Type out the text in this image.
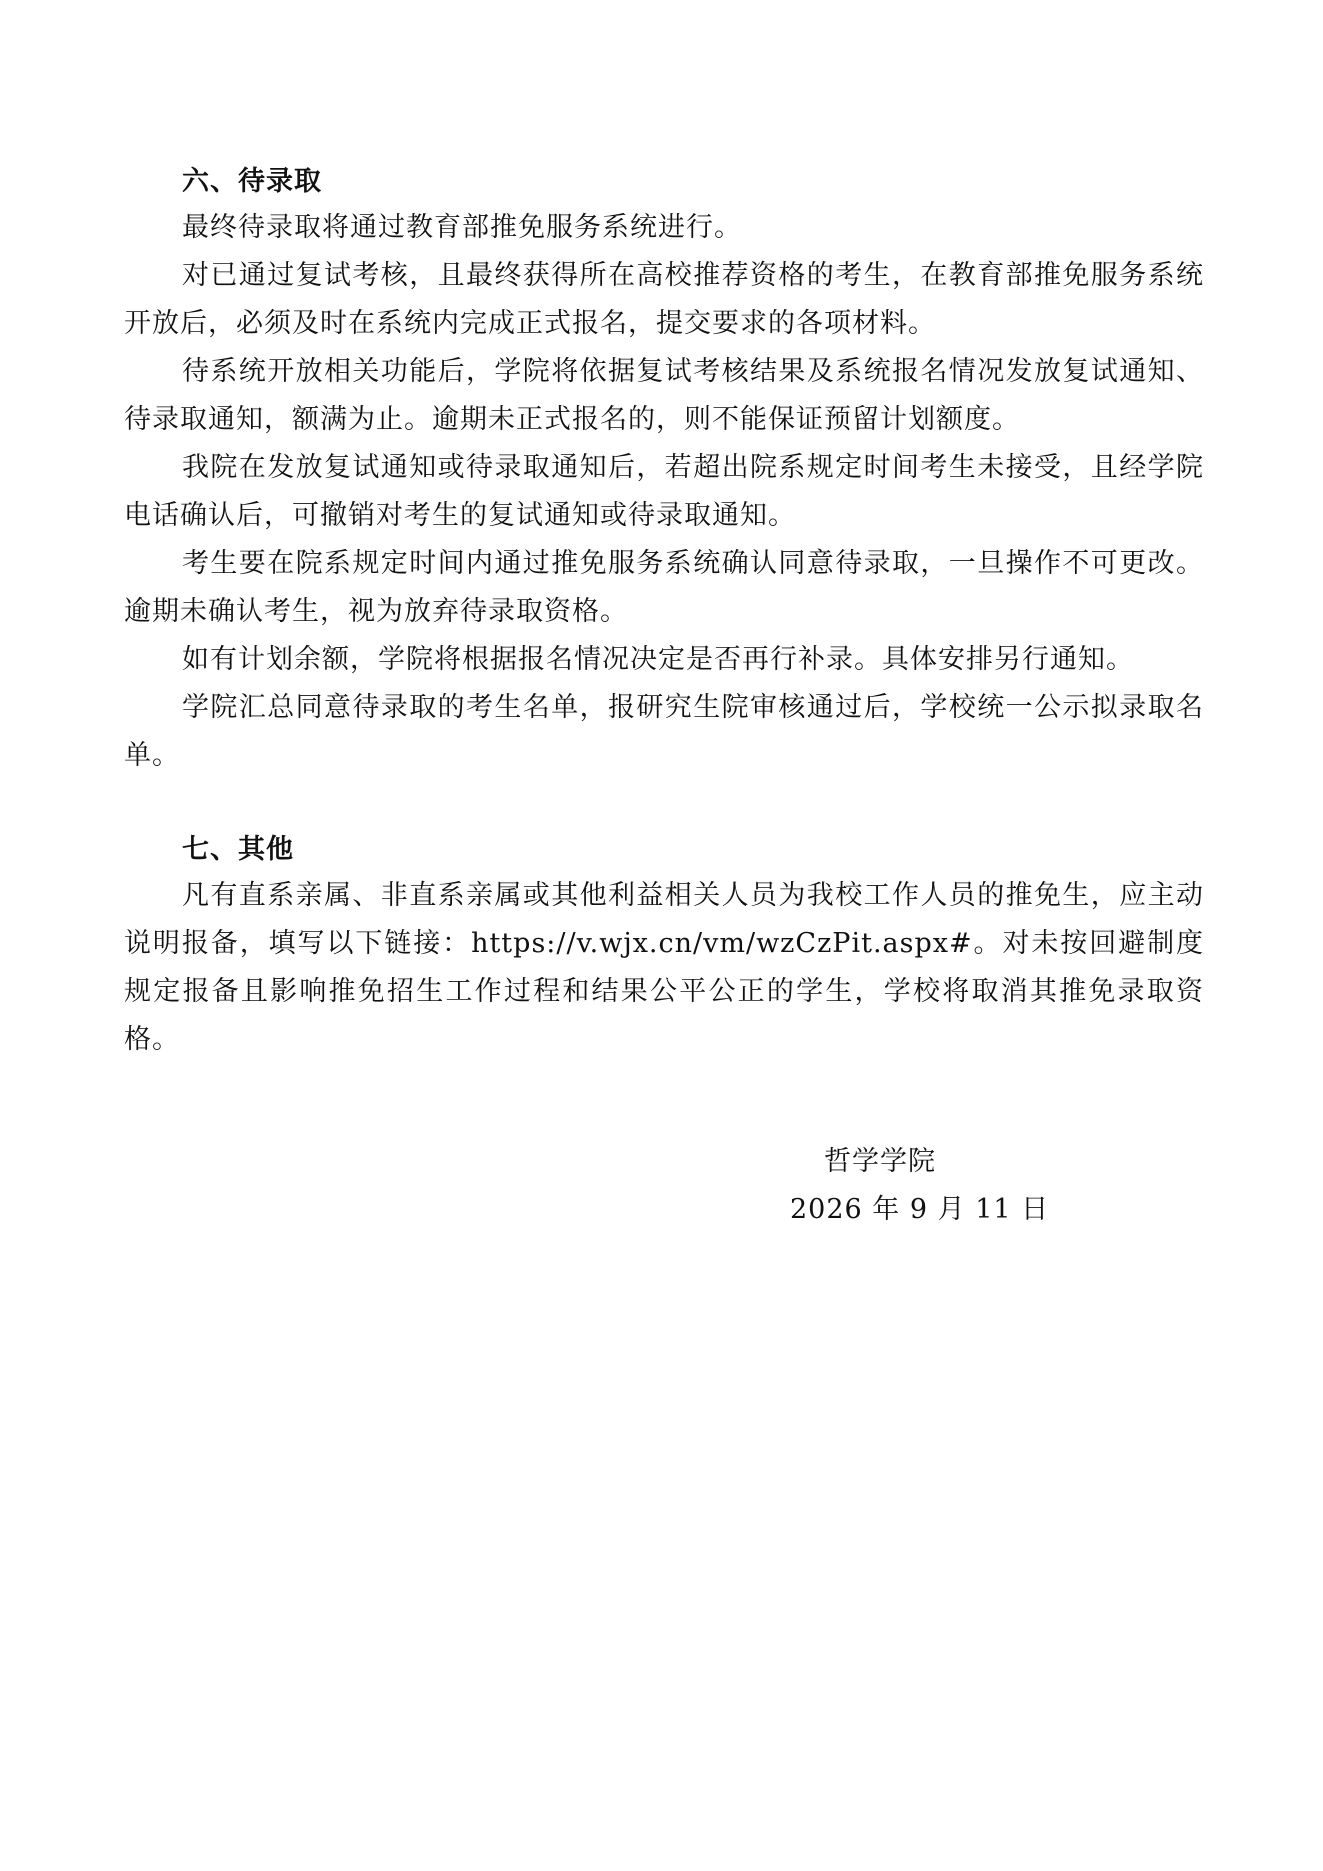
六、待录取

最终待录取将通过教育部推免服务系统进行。

对已通过复试考核，且最终获得所在高校推荐资格的考生，在教育部推免服务系统开放后，必须及时在系统内完成正式报名，提交要求的各项材料。

待系统开放相关功能后，学院将依据复试考核结果及系统报名情况发放复试通知、待录取通知，额满为止。逾期未正式报名的，则不能保证预留计划额度。

我院在发放复试通知或待录取通知后，若超出院系规定时间考生未接受，且经学院电话确认后，可撤销对考生的复试通知或待录取通知。

考生要在院系规定时间内通过推免服务系统确认同意待录取，一旦操作不可更改。逾期未确认考生，视为放弃待录取资格。

如有计划余额，学院将根据报名情况决定是否再行补录。具体安排另行通知。

学院汇总同意待录取的考生名单，报研究生院审核通过后，学校统一公示拟录取名单。

七、其他

凡有直系亲属、非直系亲属或其他利益相关人员为我校工作人员的推免生，应主动说明报备，填写以下链接：https://v.wjx.cn/vm/wzCzPit.aspx#。对未按回避制度规定报备且影响推免招生工作过程和结果公平公正的学生，学校将取消其推免录取资格。

哲学学院
2026 年 9 月 11 日
